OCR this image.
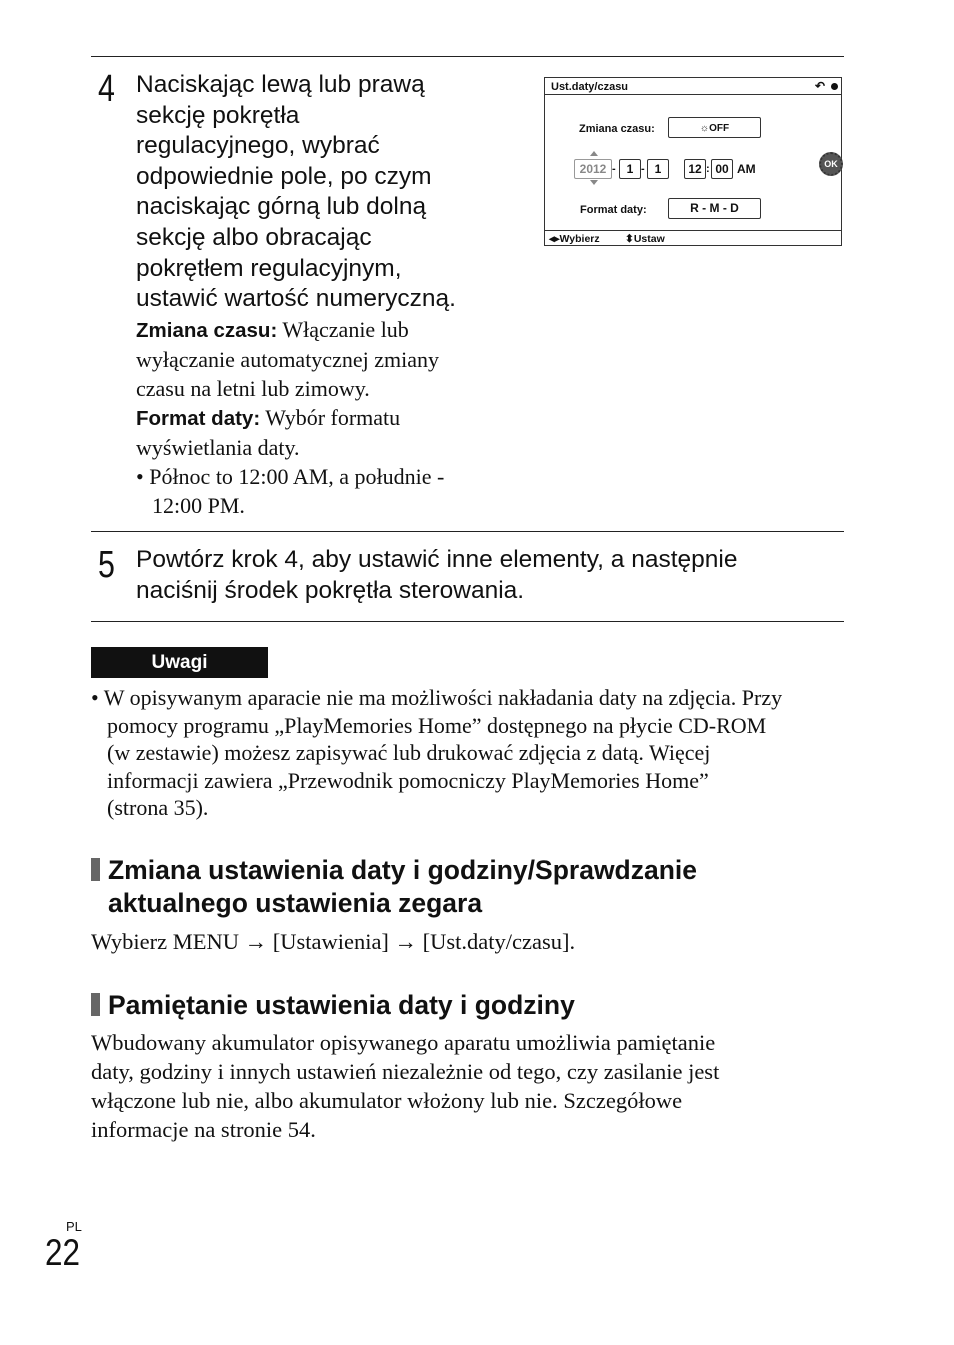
4 Naciskając lewą lub prawą
sekcję pokrętła
regulacyjnego, wybrać
odpowiednie pole, po czym
naciskając górną lub dolną
sekcję albo obracając
pokrętłem regulacyjnym,
ustawić wartość numeryczną.
Zmiana czasu: Włączanie lub
wyłączanie automatycznej zmiany
czasu na letni lub zimowy.
Format daty: Wybór formatu
wyświetlania daty.
• Północ to 12:00 AM, a południe -
12:00 PM.
Ust.daty/czasu	↶
Zmiana czasu:	☼OFF
2012 - 1 - 1	12 : 00 AM	OK
Format daty:	R - M - D
◂▸Wybierz ⬍Ustaw
5 Powtórz krok 4, aby ustawić inne elementy, a następnie
naciśnij środek pokrętła sterowania.
Uwagi
• W opisywanym aparacie nie ma możliwości nakładania daty na zdjęcia. Przy
pomocy programu „PlayMemories Home” dostępnego na płycie CD-ROM
(w zestawie) możesz zapisywać lub drukować zdjęcia z datą. Więcej
informacji zawiera „Przewodnik pomocniczy PlayMemories Home”
(strona 35).
Zmiana ustawienia daty i godziny/Sprawdzanie
aktualnego ustawienia zegara
Wybierz MENU → [Ustawienia] → [Ust.daty/czasu].
Pamiętanie ustawienia daty i godziny
Wbudowany akumulator opisywanego aparatu umożliwia pamiętanie
daty, godziny i innych ustawień niezależnie od tego, czy zasilanie jest
włączone lub nie, albo akumulator włożony lub nie. Szczegółowe
informacje na stronie 54.
PL
22
